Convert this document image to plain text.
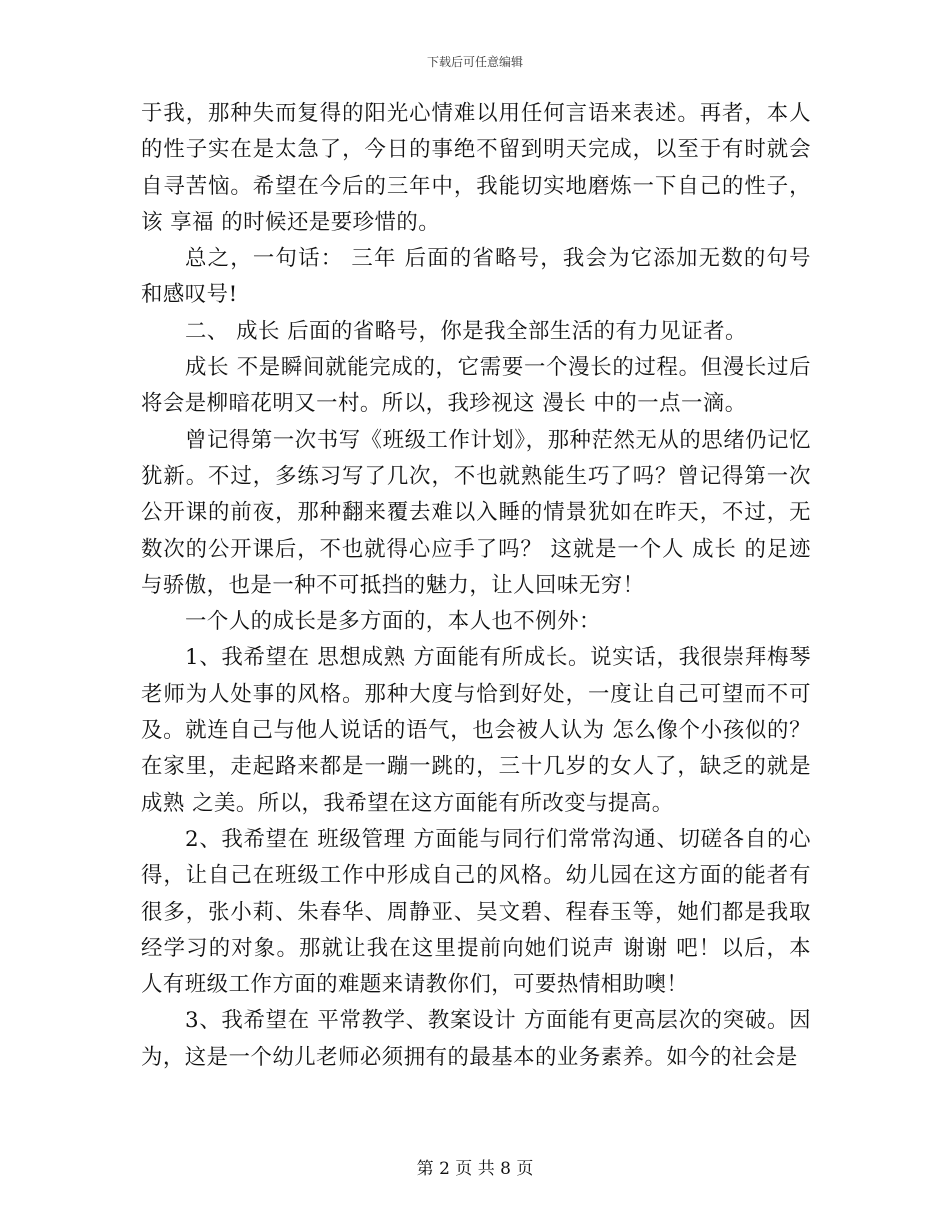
下载后可任意编辑

于我，那种失而复得的阳光心情难以用任何言语来表述。再者，本人的性子实在是太急了，今日的事绝不留到明天完成，以至于有时就会自寻苦恼。希望在今后的三年中，我能切实地磨炼一下自己的性子，该 享福 的时候还是要珍惜的。

总之，一句话： 三年 后面的省略号，我会为它添加无数的句号和感叹号!

二、 成长 后面的省略号，你是我全部生活的有力见证者。

成长 不是瞬间就能完成的，它需要一个漫长的过程。但漫长过后将会是柳暗花明又一村。所以，我珍视这 漫长 中的一点一滴。

曾记得第一次书写《班级工作计划》，那种茫然无从的思绪仍记忆犹新。不过，多练习写了几次，不也就熟能生巧了吗？曾记得第一次公开课的前夜，那种翻来覆去难以入睡的情景犹如在昨天，不过，无数次的公开课后，不也就得心应手了吗？ 这就是一个人 成长 的足迹与骄傲，也是一种不可抵挡的魅力，让人回味无穷！

一个人的成长是多方面的，本人也不例外：

1、我希望在 思想成熟 方面能有所成长。说实话，我很崇拜梅琴老师为人处事的风格。那种大度与恰到好处，一度让自己可望而不可及。就连自己与他人说话的语气，也会被人认为 怎么像个小孩似的？在家里，走起路来都是一蹦一跳的，三十几岁的女人了，缺乏的就是成熟 之美。所以，我希望在这方面能有所改变与提高。

2、我希望在 班级管理 方面能与同行们常常沟通、切磋各自的心得，让自己在班级工作中形成自己的风格。幼儿园在这方面的能者有很多，张小莉、朱春华、周静亚、吴文碧、程春玉等，她们都是我取经学习的对象。那就让我在这里提前向她们说声 谢谢 吧！以后，本人有班级工作方面的难题来请教你们，可要热情相助噢！

3、我希望在 平常教学、教案设计 方面能有更高层次的突破。因为，这是一个幼儿老师必须拥有的最基本的业务素养。如今的社会是

第 2 页 共 8 页
